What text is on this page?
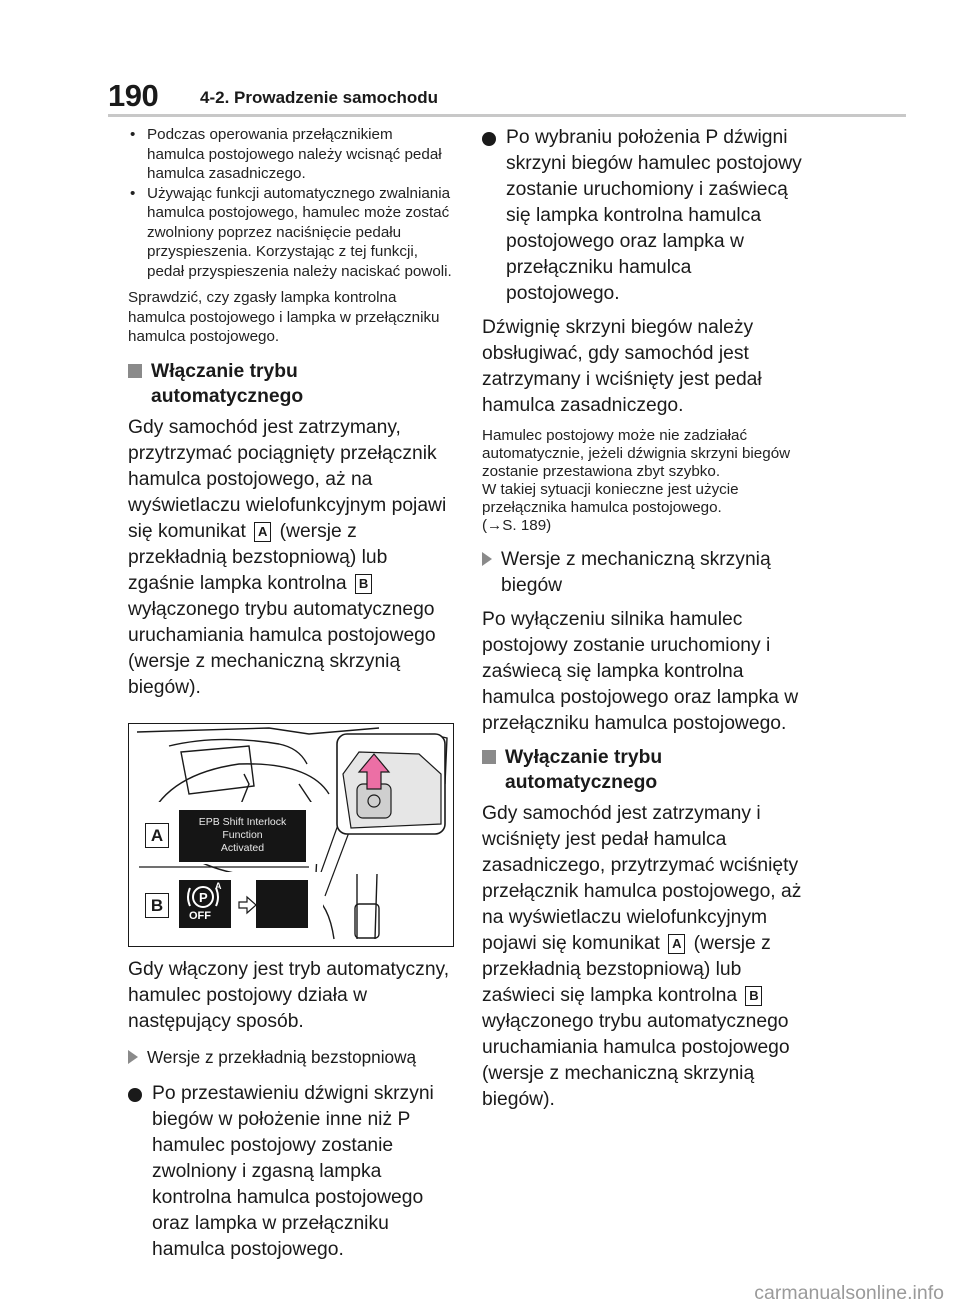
190 4-2. Prowadzenie samochodu
• Podczas operowania przełącznikiem hamulca postojowego należy wcisnąć pedał hamulca zasadniczego.
• Używając funkcji automatycznego zwalniania hamulca postojowego, hamulec może zostać zwolniony poprzez naciśnięcie pedału przyspieszenia. Korzystając z tej funkcji, pedał przyspieszenia należy naciskać powoli.

Sprawdzić, czy zgasły lampka kontrolna hamulca postojowego i lampka w przełączniku hamulca postojowego.

Włączanie trybu automatycznego

Gdy samochód jest zatrzymany, przytrzymać pociągnięty przełącznik hamulca postojowego, aż na wyświetlaczu wielofunkcyjnym pojawi się komunikat A (wersje z przekładnią bezstopniową) lub zgaśnie lampka kontrolna B wyłączonego trybu automatycznego uruchamiania hamulca postojowego (wersje z mechaniczną skrzynią biegów).

A
B
EPB Shift Interlock Function
Activated
P
A
OFF

Gdy włączony jest tryb automatyczny, hamulec postojowy działa w następujący sposób.

Wersje z przekładnią bezstopniową
Po przestawieniu dźwigni skrzyni biegów w położenie inne niż P hamulec postojowy zostanie zwolniony i zgasną lampka kontrolna hamulca postojowego oraz lampka w przełączniku hamulca postojowego.
Po wybraniu położenia P dźwigni skrzyni biegów hamulec postojowy zostanie uruchomiony i zaświecą się lampka kontrolna hamulca postojowego oraz lampka w przełączniku hamulca postojowego.

Dźwignię skrzyni biegów należy obsługiwać, gdy samochód jest zatrzymany i wciśnięty jest pedał hamulca zasadniczego.

Hamulec postojowy może nie zadziałać automatycznie, jeżeli dźwignia skrzyni biegów zostanie przestawiona zbyt szybko.
W takiej sytuacji konieczne jest użycie przełącznika hamulca postojowego.
(→S. 189)

Wersje z mechaniczną skrzynią biegów

Po wyłączeniu silnika hamulec postojowy zostanie uruchomiony i zaświecą się lampka kontrolna hamulca postojowego oraz lampka w przełączniku hamulca postojowego.

Wyłączanie trybu automatycznego

Gdy samochód jest zatrzymany i wciśnięty jest pedał hamulca zasadniczego, przytrzymać wciśnięty przełącznik hamulca postojowego, aż na wyświetlaczu wielofunkcyjnym pojawi się komunikat A (wersje z przekładnią bezstopniową) lub zaświeci się lampka kontrolna B wyłączonego trybu automatycznego uruchamiania hamulca postojowego (wersje z mechaniczną skrzynią biegów).

carmanualsonline.info
